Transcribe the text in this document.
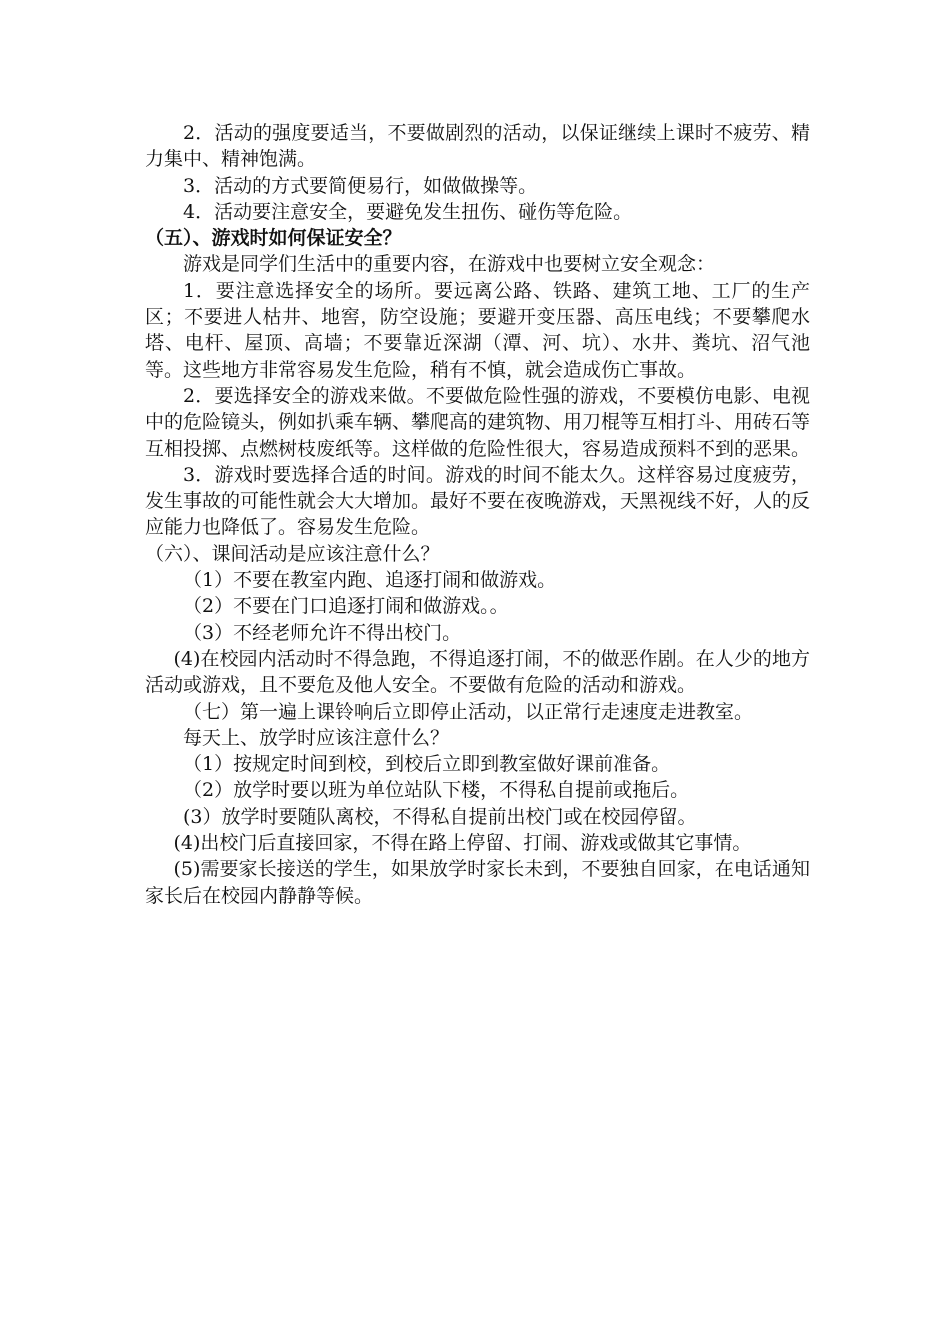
2．活动的强度要适当，不要做剧烈的活动，以保证继续上课时不疲劳、精力集中、精神饱满。

3．活动的方式要简便易行，如做做操等。

4．活动要注意安全，要避免发生扭伤、碰伤等危险。

（五）、游戏时如何保证安全？

游戏是同学们生活中的重要内容，在游戏中也要树立安全观念：

1．要注意选择安全的场所。要远离公路、铁路、建筑工地、工厂的生产区；不要进人枯井、地窖，防空设施；要避开变压器、高压电线；不要攀爬水塔、电杆、屋顶、高墙；不要靠近深湖（潭、河、坑）、水井、粪坑、沼气池等。这些地方非常容易发生危险，稍有不慎，就会造成伤亡事故。

2．要选择安全的游戏来做。不要做危险性强的游戏，不要模仿电影、电视中的危险镜头，例如扒乘车辆、攀爬高的建筑物、用刀棍等互相打斗、用砖石等互相投掷、点燃树枝废纸等。这样做的危险性很大，容易造成预料不到的恶果。

3．游戏时要选择合适的时间。游戏的时间不能太久。这样容易过度疲劳，发生事故的可能性就会大大增加。最好不要在夜晚游戏，天黑视线不好，人的反应能力也降低了。容易发生危险。

（六）、课间活动是应该注意什么？

（1）不要在教室内跑、追逐打闹和做游戏。

（2）不要在门口追逐打闹和做游戏。。

（3）不经老师允许不得出校门。

(4)在校园内活动时不得急跑，不得追逐打闹，不的做恶作剧。在人少的地方活动或游戏，且不要危及他人安全。不要做有危险的活动和游戏。

（七）第一遍上课铃响后立即停止活动，以正常行走速度走进教室。

每天上、放学时应该注意什么？

（1）按规定时间到校，到校后立即到教室做好课前准备。

（2）放学时要以班为单位站队下楼，不得私自提前或拖后。

(3）放学时要随队离校，不得私自提前出校门或在校园停留。

(4)出校门后直接回家，不得在路上停留、打闹、游戏或做其它事情。

(5)需要家长接送的学生，如果放学时家长未到，不要独自回家，在电话通知家长后在校园内静静等候。
